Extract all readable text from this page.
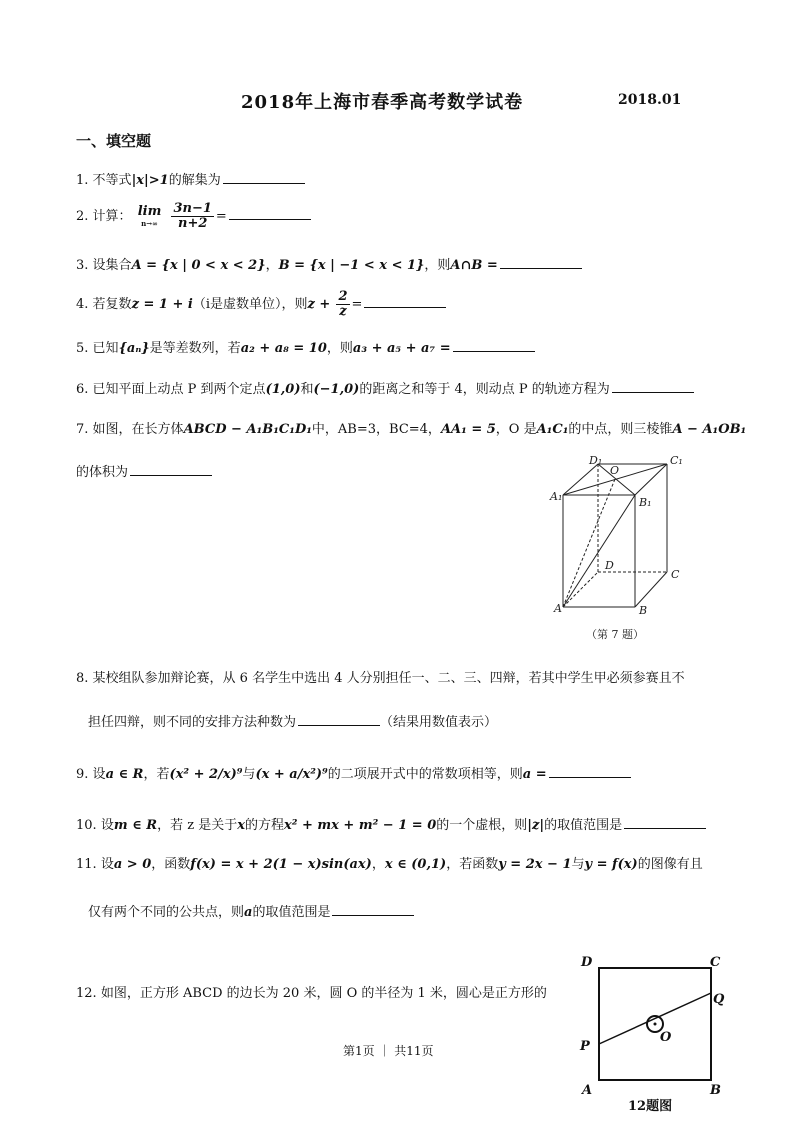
2018年上海市春季高考数学试卷	2018.01
一、填空题
1. 不等式|x|>1的解集为
2. 计算： lim
n→∞
$\frac{3n-1}{n+2}$ =
3. 设集合A = {x | 0 < x < 2}，B = {x | −1 < x < 1}，则A∩B =
4. 若复数z = 1 + i（i是虚数单位），则$z + \frac{2}{z}$ =
5. 已知{aₙ}是等差数列，若a₂ + a₈ = 10，则a₃ + a₅ + a₇ =
6. 已知平面上动点 P 到两个定点(1,0)和(−1,0)的距离之和等于 4，则动点 P 的轨迹方程为
7. 如图，在长方体ABCD − A₁B₁C₁D₁中，AB=3，BC=4，AA₁ = 5，O 是A₁C₁的中点，则三棱锥A − A₁OB₁
的体积为
D₁
O
C₁
A₁	B₁
D
C
A	B
（第 7 题）
8. 某校组队参加辩论赛，从 6 名学生中选出 4 人分别担任一、二、三、四辩，若其中学生甲必须参赛且不
担任四辩，则不同的安排方法种数为	（结果用数值表示）
9. 设a ∈ R，若(x² + 2/x)⁹与(x + a/x²)⁹的二项展开式中的常数项相等，则a =
10. 设m ∈ R，若 z 是关于x的方程x² + mx + m² − 1 = 0的一个虚根，则|z|的取值范围是
11. 设a > 0，函数f(x) = x + 2(1 − x)sin(ax)，x ∈ (0,1)，若函数y = 2x − 1与y = f(x)的图像有且
仅有两个不同的公共点，则a的取值范围是
12. 如图，正方形 ABCD 的边长为 20 米，圆 O 的半径为 1 米，圆心是正方形的
D	C
Q
O
P
A	B
12题图
第1页 ｜ 共11页
